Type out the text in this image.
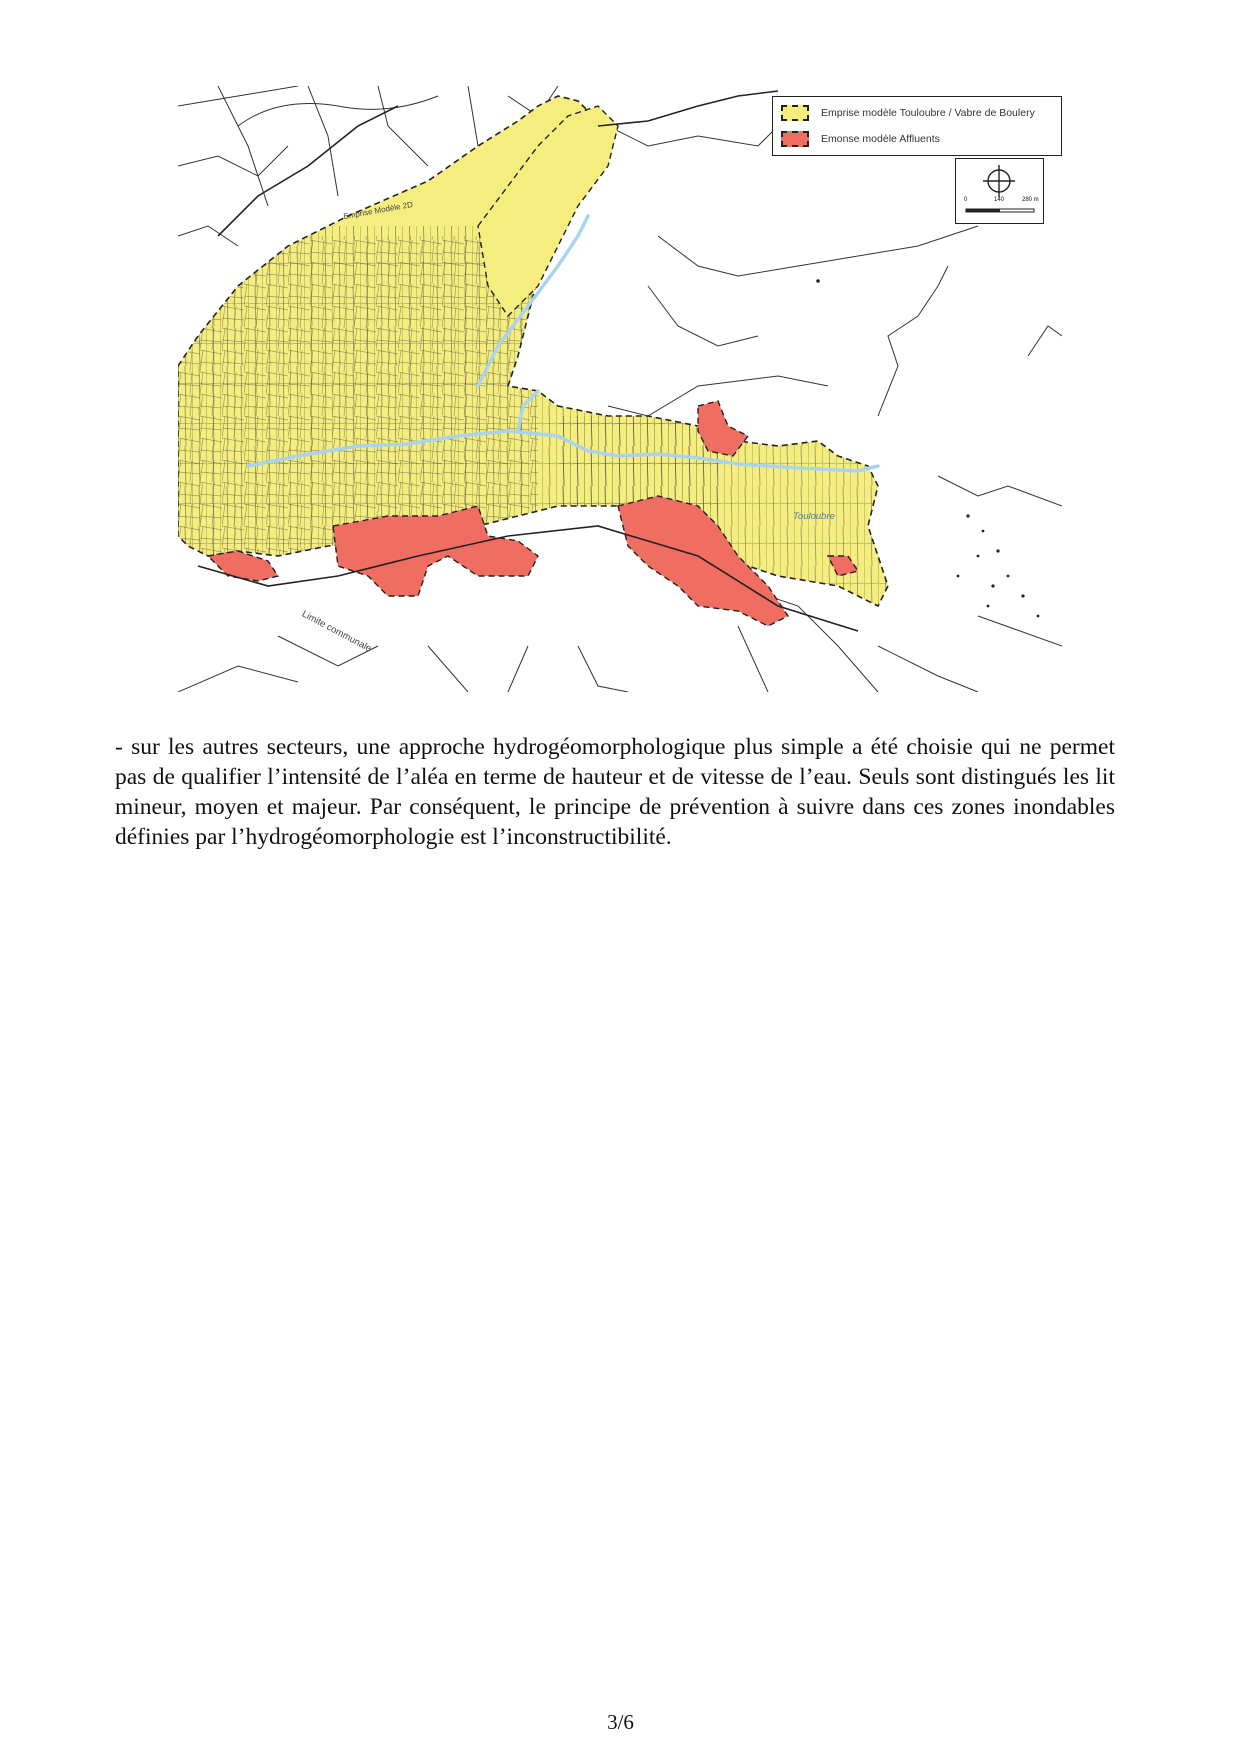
Touloubre
Limite communale
Emprise Modèle 2D
Emprise modèle Touloubre / Vabre de Boulery
Emonse modèle Affluents
0	140	280 m

- sur les autres secteurs, une approche hydrogéomorphologique plus simple a été choisie qui ne permet pas de qualifier l’intensité de l’aléa en terme de hauteur et de vitesse de l’eau. Seuls sont distingués les lit mineur, moyen et majeur. Par conséquent, le principe de prévention à suivre dans ces zones inondables définies par l’hydrogéomorphologie est l’inconstructibilité.

3/6
